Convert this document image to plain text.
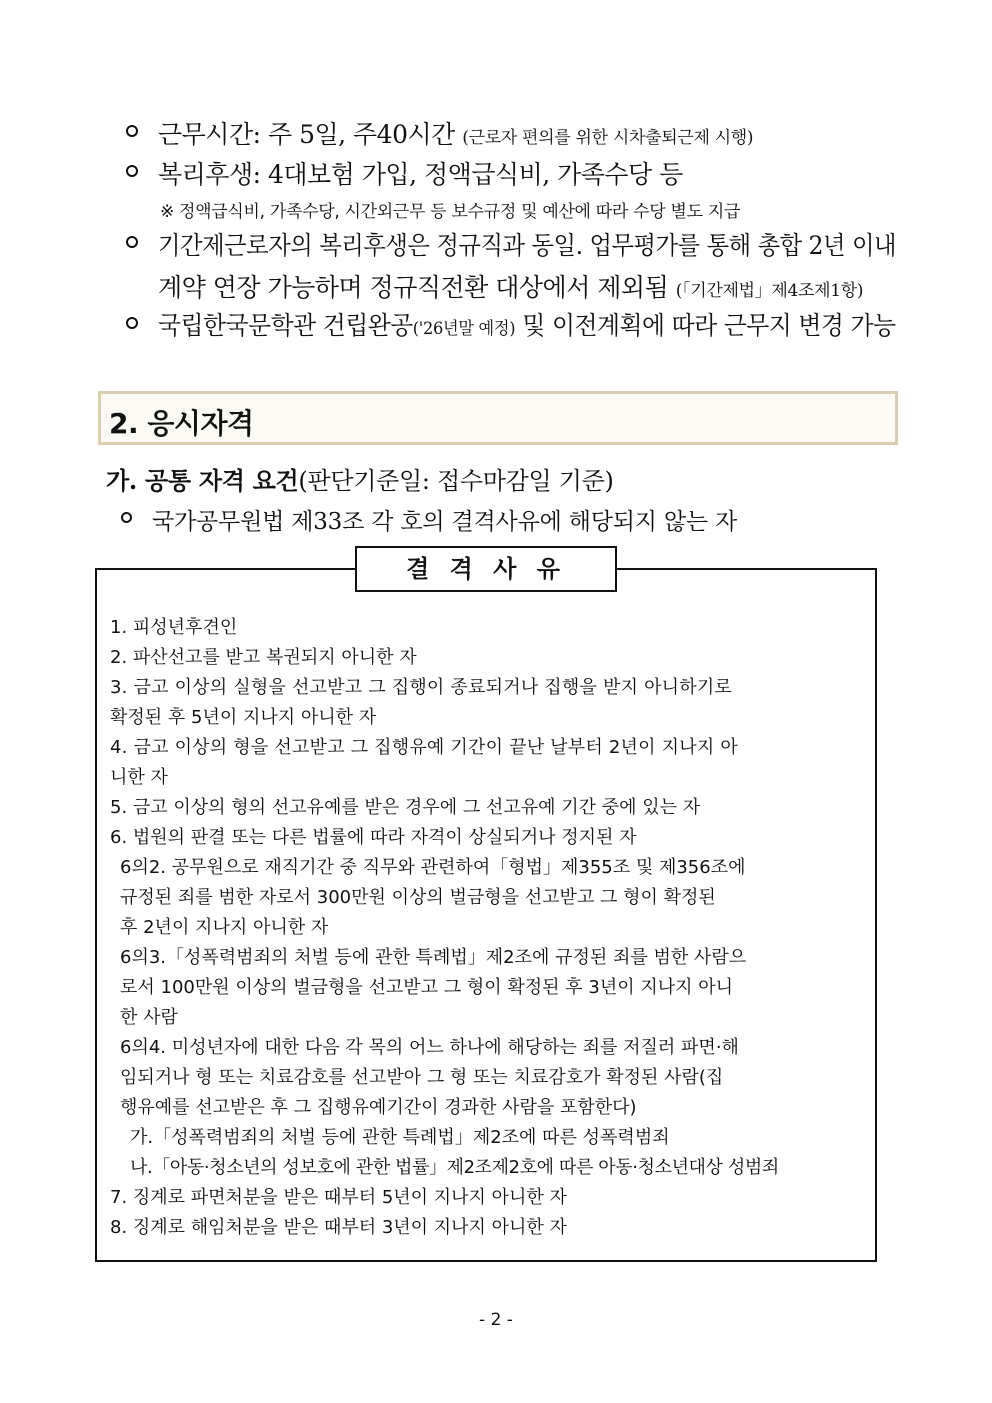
근무시간: 주 5일, 주40시간 (근로자 편의를 위한 시차출퇴근제 시행)
복리후생: 4대보험 가입, 정액급식비, 가족수당 등
※ 정액급식비, 가족수당, 시간외근무 등 보수규정 및 예산에 따라 수당 별도 지급
기간제근로자의 복리후생은 정규직과 동일. 업무평가를 통해 총합 2년 이내
계약 연장 가능하며 정규직전환 대상에서 제외됨 (「기간제법」제4조제1항)
국립한국문학관 건립완공('26년말 예정) 및 이전계획에 따라 근무지 변경 가능
2. 응시자격
가. 공통 자격 요건(판단기준일: 접수마감일 기준)
국가공무원법 제33조 각 호의 결격사유에 해당되지 않는 자
결 격 사 유
1. 피성년후견인
2. 파산선고를 받고 복권되지 아니한 자
3. 금고 이상의 실형을 선고받고 그 집행이 종료되거나 집행을 받지 아니하기로
확정된 후 5년이 지나지 아니한 자
4. 금고 이상의 형을 선고받고 그 집행유예 기간이 끝난 날부터 2년이 지나지 아
니한 자
5. 금고 이상의 형의 선고유예를 받은 경우에 그 선고유예 기간 중에 있는 자
6. 법원의 판결 또는 다른 법률에 따라 자격이 상실되거나 정지된 자
6의2. 공무원으로 재직기간 중 직무와 관련하여「형법」제355조 및 제356조에
규정된 죄를 범한 자로서 300만원 이상의 벌금형을 선고받고 그 형이 확정된
후 2년이 지나지 아니한 자
6의3.「성폭력범죄의 처벌 등에 관한 특례법」제2조에 규정된 죄를 범한 사람으
로서 100만원 이상의 벌금형을 선고받고 그 형이 확정된 후 3년이 지나지 아니
한 사람
6의4. 미성년자에 대한 다음 각 목의 어느 하나에 해당하는 죄를 저질러 파면·해
임되거나 형 또는 치료감호를 선고받아 그 형 또는 치료감호가 확정된 사람(집
행유예를 선고받은 후 그 집행유예기간이 경과한 사람을 포함한다)
가.「성폭력범죄의 처벌 등에 관한 특례법」제2조에 따른 성폭력범죄
나.「아동·청소년의 성보호에 관한 법률」제2조제2호에 따른 아동·청소년대상 성범죄
7. 징계로 파면처분을 받은 때부터 5년이 지나지 아니한 자
8. 징계로 해임처분을 받은 때부터 3년이 지나지 아니한 자
- 2 -
